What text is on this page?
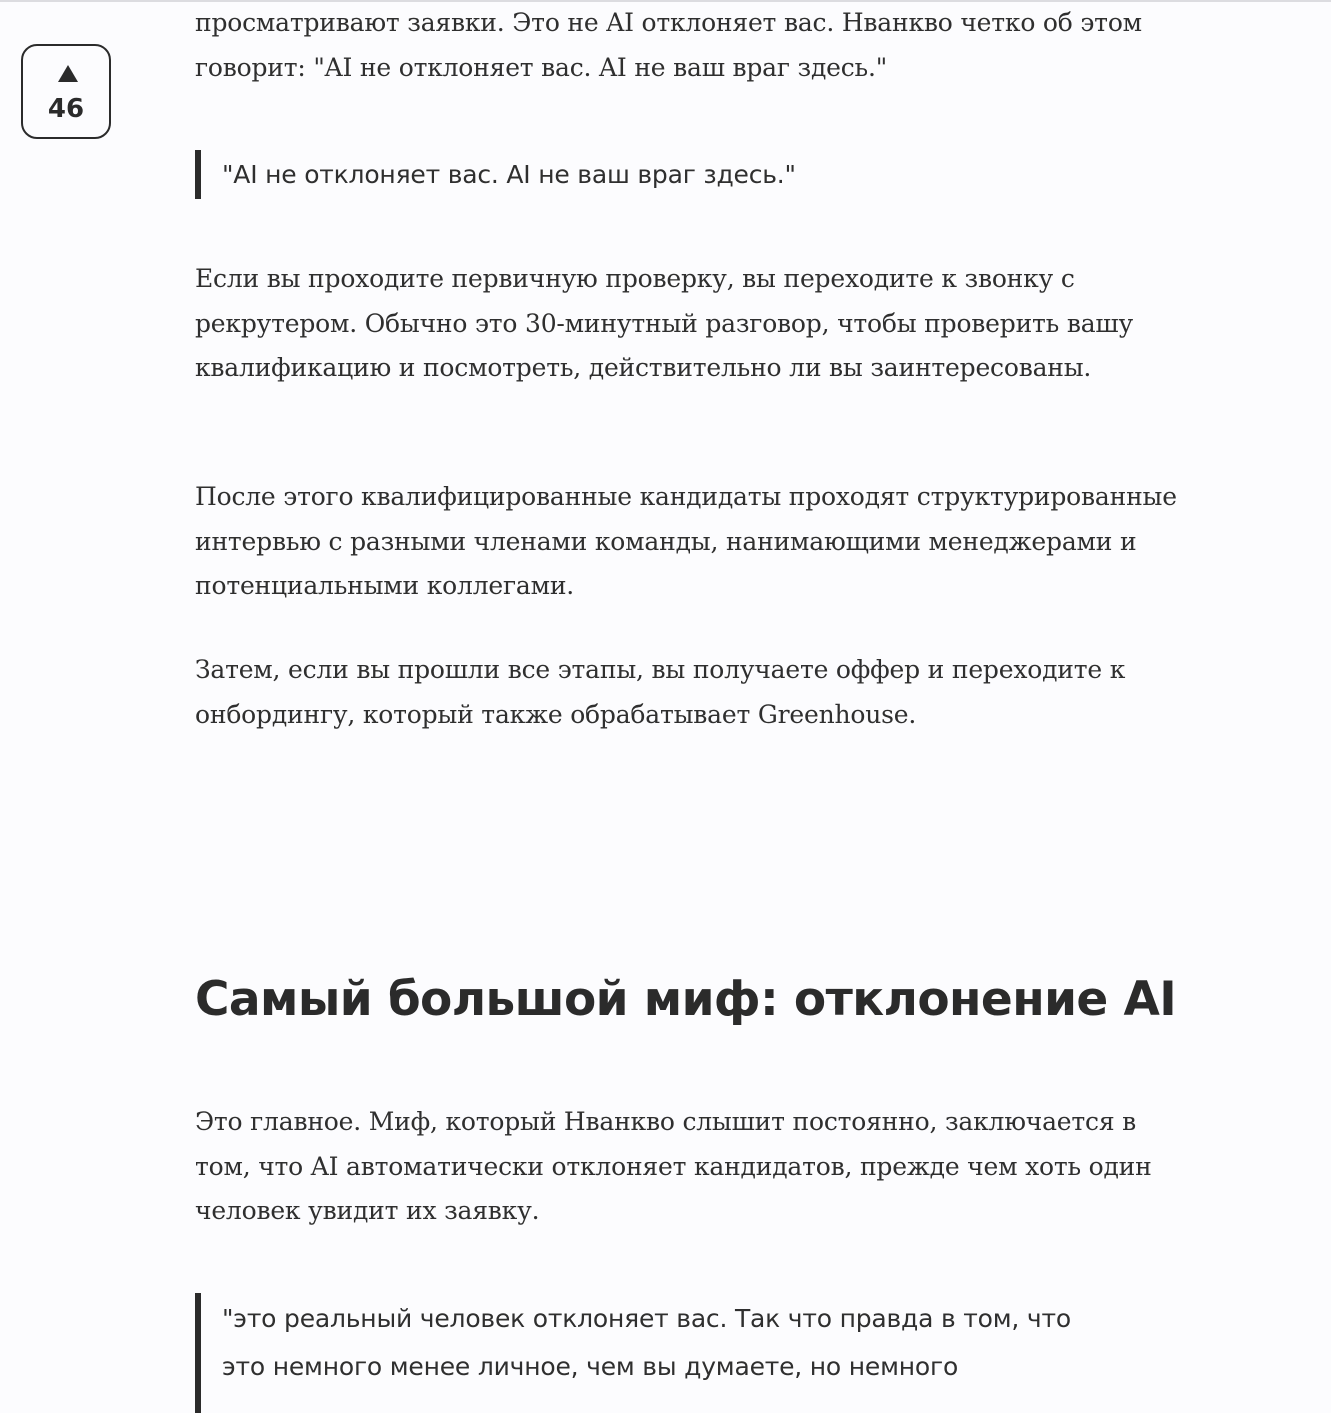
46

просматривают заявки. Это не AI отклоняет вас. Нванкво четко об этом говорит: "AI не отклоняет вас. AI не ваш враг здесь."

"AI не отклоняет вас. AI не ваш враг здесь."

Если вы проходите первичную проверку, вы переходите к звонку с рекрутером. Обычно это 30-минутный разговор, чтобы проверить вашу квалификацию и посмотреть, действительно ли вы заинтересованы.

После этого квалифицированные кандидаты проходят структурированные интервью с разными членами команды, нанимающими менеджерами и потенциальными коллегами.

Затем, если вы прошли все этапы, вы получаете оффер и переходите к онбордингу, который также обрабатывает Greenhouse.

Самый большой миф: отклонение AI

Это главное. Миф, который Нванкво слышит постоянно, заключается в том, что AI автоматически отклоняет кандидатов, прежде чем хоть один человек увидит их заявку.

"это реальный человек отклоняет вас. Так что правда в том, что это немного менее личное, чем вы думаете, но немного
